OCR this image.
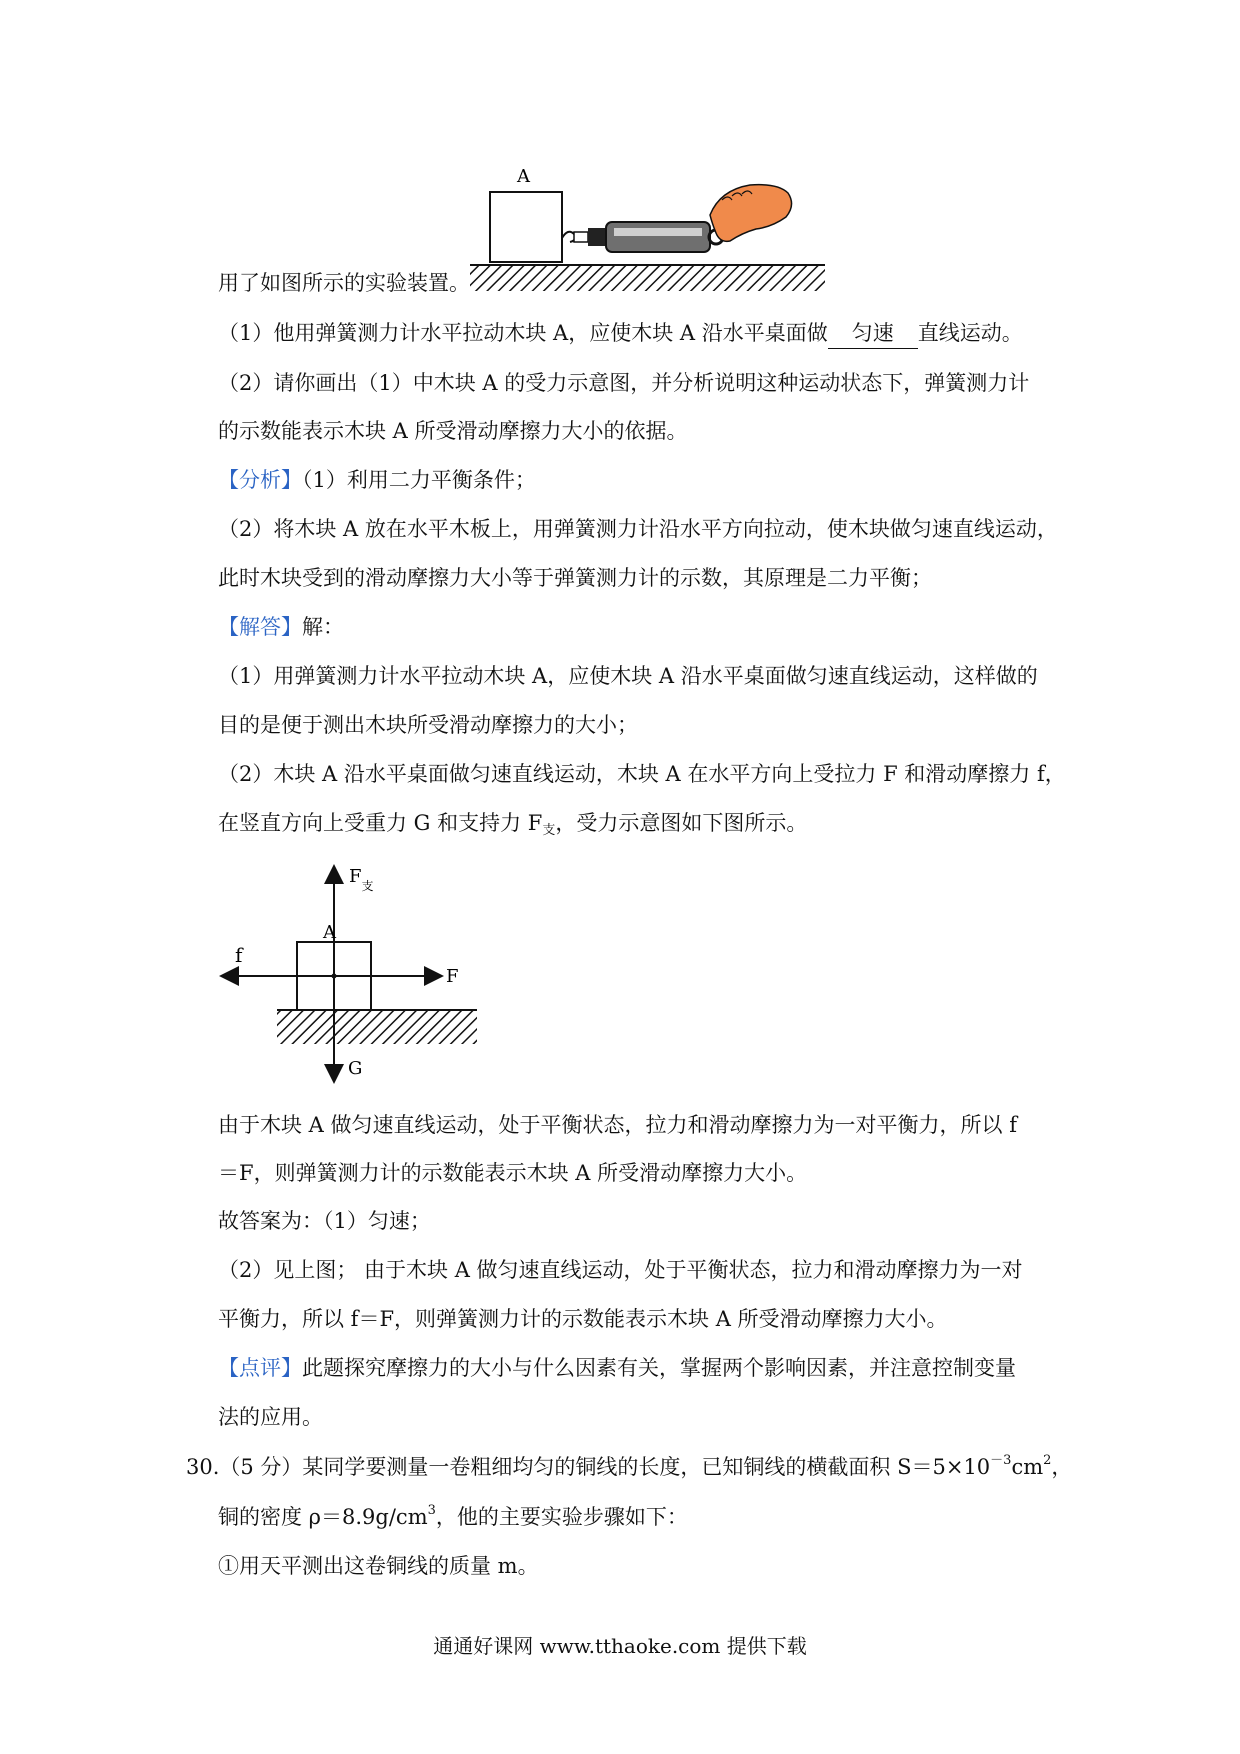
A
用了如图所示的实验装置。
（1）他用弹簧测力计水平拉动木块 A，应使木块 A 沿水平桌面做 匀速 直线运动。
（2）请你画出（1）中木块 A 的受力示意图，并分析说明这种运动状态下，弹簧测力计
的示数能表示木块 A 所受滑动摩擦力大小的依据。
【分析】（1）利用二力平衡条件；
（2）将木块 A 放在水平木板上，用弹簧测力计沿水平方向拉动，使木块做匀速直线运动，
此时木块受到的滑动摩擦力大小等于弹簧测力计的示数，其原理是二力平衡；
【解答】解：
（1）用弹簧测力计水平拉动木块 A，应使木块 A 沿水平桌面做匀速直线运动，这样做的
目的是便于测出木块所受滑动摩擦力的大小；
（2）木块 A 沿水平桌面做匀速直线运动，木块 A 在水平方向上受拉力 F 和滑动摩擦力 f，
在竖直方向上受重力 G 和支持力 $F_支$，受力示意图如下图所示。
$F_支$
A
f
F
G
由于木块 A 做匀速直线运动，处于平衡状态，拉力和滑动摩擦力为一对平衡力，所以 f
＝F，则弹簧测力计的示数能表示木块 A 所受滑动摩擦力大小。
故答案为：（1）匀速；
（2）见上图； 由于木块 A 做匀速直线运动，处于平衡状态，拉力和滑动摩擦力为一对
平衡力，所以 f＝F，则弹簧测力计的示数能表示木块 A 所受滑动摩擦力大小。
【点评】此题探究摩擦力的大小与什么因素有关，掌握两个影响因素，并注意控制变量
法的应用。
30.（5 分）某同学要测量一卷粗细均匀的铜线的长度，已知铜线的横截面积 $S=5\times 10^{-3}cm^2$，
铜的密度 $\rho=8.9g/cm^3$，他的主要实验步骤如下：
①用天平测出这卷铜线的质量 m。
通通好课网 www.tthaoke.com 提供下载
